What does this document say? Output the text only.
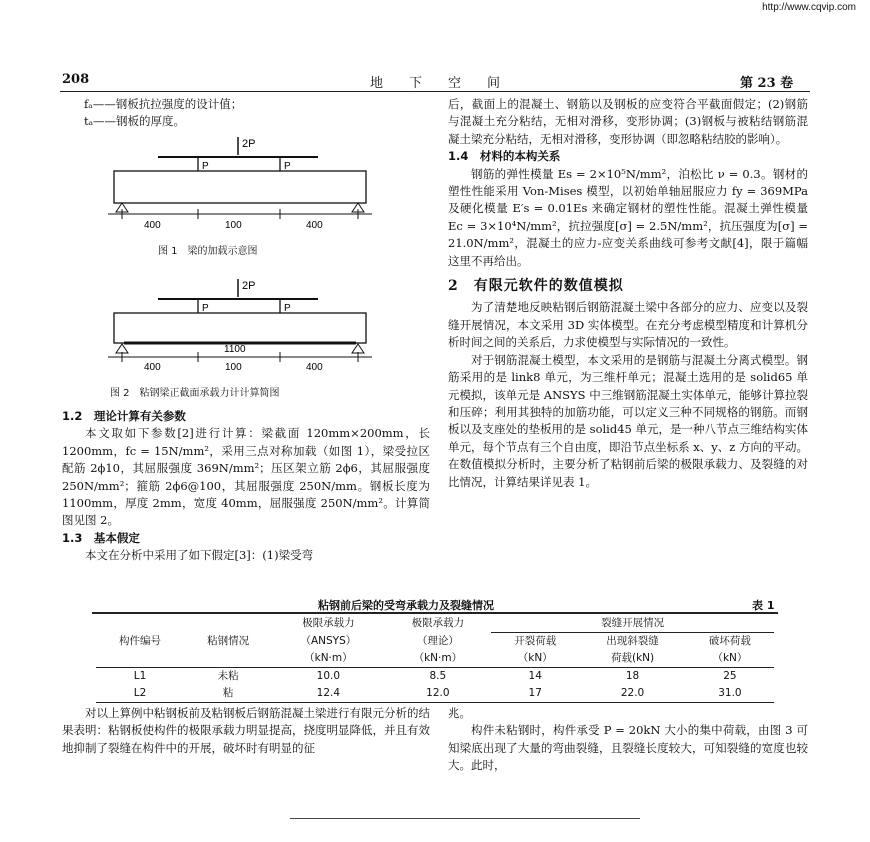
http://www.cqvip.com
208	地　　下　　空　　间	第 23 卷

fₐ——钢板抗拉强度的设计值；

tₐ——钢板的厚度。

2P
P	P
400	100	400
图 1　梁的加载示意图
2P
P	P
1100
400	100	400
图 2　粘钢梁正截面承载力计计算简图

1.2　理论计算有关参数

本文取如下参数[2]进行计算：梁截面 120mm×200mm，长 1200mm，fc = 15N/mm²，采用三点对称加载（如图 1），梁受拉区配筋 2ϕ10，其屈服强度 369N/mm²；压区架立筋 2ϕ6，其屈服强度 250N/mm²；箍筋 2ϕ6@100，其屈服强度 250N/mm。钢板长度为1100mm，厚度 2mm，宽度 40mm，屈服强度 250N/mm²。计算简图见图 2。

1.3　基本假定

本文在分析中采用了如下假定[3]：(1)梁受弯

后，截面上的混凝土、钢筋以及钢板的应变符合平截面假定；(2)钢筋与混凝土充分粘结，无相对滑移，变形协调；(3)钢板与被粘结钢筋混凝土梁充分粘结，无相对滑移，变形协调（即忽略粘结胶的影响）。

1.4　材料的本构关系

钢筋的弹性模量 Es = 2×10⁵N/mm²，泊松比 ν = 0.3。钢材的塑性性能采用 Von-Mises 模型，以初始单轴屈服应力 fy = 369MPa 及硬化模量 E′s = 0.01Es 来确定钢材的塑性性能。混凝土弹性模量 Ec = 3×10⁴N/mm²，抗拉强度[σ] = 2.5N/mm²，抗压强度为[σ] = 21.0N/mm²，混凝土的应力-应变关系曲线可参考文献[4]，限于篇幅这里不再给出。

2　有限元软件的数值模拟

为了清楚地反映粘钢后钢筋混凝土梁中各部分的应力、应变以及裂缝开展情况，本文采用 3D 实体模型。在充分考虑模型精度和计算机分析时间之间的关系后，力求使模型与实际情况的一致性。

对于钢筋混凝土模型，本文采用的是钢筋与混凝土分离式模型。钢筋采用的是 link8 单元，为三维杆单元；混凝土选用的是 solid65 单元模拟，该单元是 ANSYS 中三维钢筋混凝土实体单元，能够计算拉裂和压碎；利用其独特的加筋功能，可以定义三种不同规格的钢筋。而钢板以及支座处的垫板用的是 solid45 单元，是一种八节点三维结构实体单元，每个节点有三个自由度，即沿节点坐标系 x、y、z 方向的平动。在数值模拟分析时，主要分析了粘钢前后梁的极限承载力、及裂缝的对比情况，计算结果详见表 1。

粘钢前后梁的受弯承载力及裂缝情况	表 1
构件编号	粘钢情况	极限承载力	极限承载力	裂缝开展情况		
		（ANSYS）	（理论）	开裂荷载	出现斜裂缝	破坏荷载
		（kN·m）	（kN·m）	（kN）	荷载(kN)	（kN）
L1	未粘	10.0	8.5	14	18	25
L2	粘	12.4	12.0	17	22.0	31.0

对以上算例中粘钢板前及粘钢板后钢筋混凝土梁进行有限元分析的结果表明：粘钢板使构件的极限承载力明显提高，挠度明显降低，并且有效地抑制了裂缝在构件中的开展，破坏时有明显的征

兆。

构件未粘钢时，构件承受 P = 20kN 大小的集中荷载，由图 3 可知梁底出现了大量的弯曲裂缝，且裂缝长度较大，可知裂缝的宽度也较大。此时，
